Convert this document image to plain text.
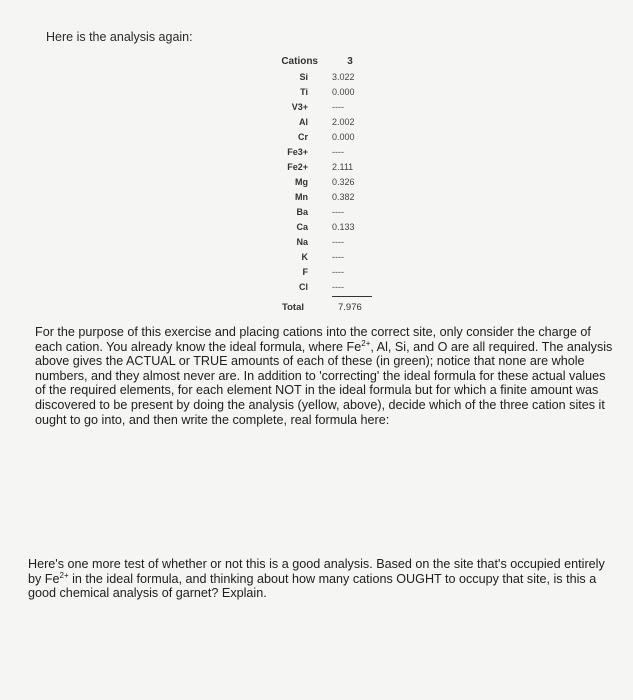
Here is the analysis again:
Cations	3
Si	3.022
Ti	0.000
V3+	----
Al	2.002
Cr	0.000
Fe3+	----
Fe2+	2.111
Mg	0.326
Mn	0.382
Ba	----
Ca	0.133
Na	----
K	----
F	----
Cl	----
Total	7.976
For the purpose of this exercise and placing cations into the correct site, only consider the charge of each cation. You already know the ideal formula, where $Fe^{2+}$, Al, Si, and O are all required. The analysis above gives the ACTUAL or TRUE amounts of each of these (in green); notice that none are whole numbers, and they almost never are. In addition to 'correcting' the ideal formula for these actual values of the required elements, for each element NOT in the ideal formula but for which a finite amount was discovered to be present by doing the analysis (yellow, above), decide which of the three cation sites it ought to go into, and then write the complete, real formula here:
Here's one more test of whether or not this is a good analysis. Based on the site that's occupied entirely by $Fe^{2+}$ in the ideal formula, and thinking about how many cations OUGHT to occupy that site, is this a good chemical analysis of garnet? Explain.
